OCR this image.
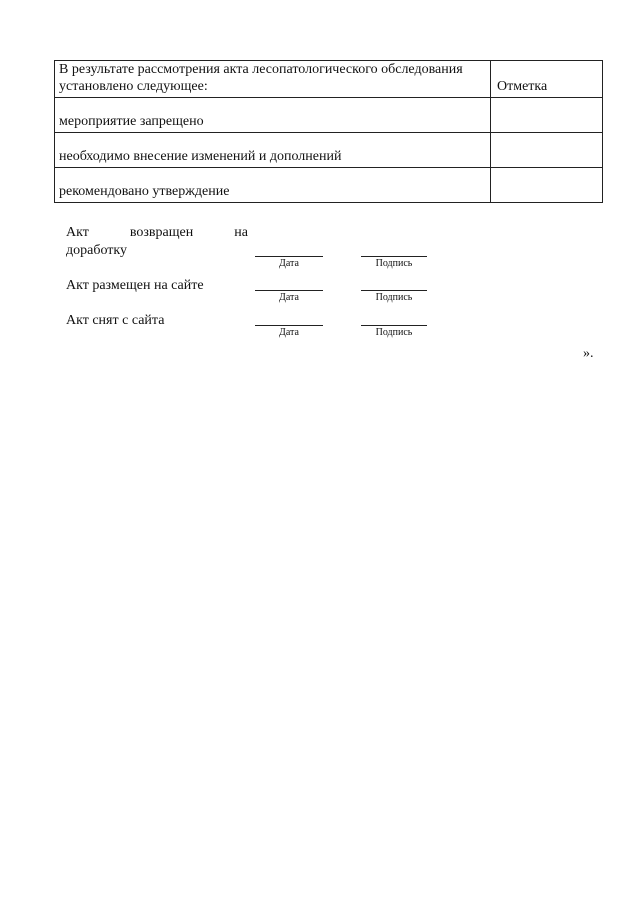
В результате рассмотрения акта лесопатологического обследования установлено следующее:	Отметка
мероприятие запрещено	
необходимо внесение изменений и дополнений	
рекомендовано утверждение	
Акт	возвращен	на
доработку
Дата	Подпись
Акт размещен на сайте
Дата	Подпись
Акт снят с сайта
Дата	Подпись
».
